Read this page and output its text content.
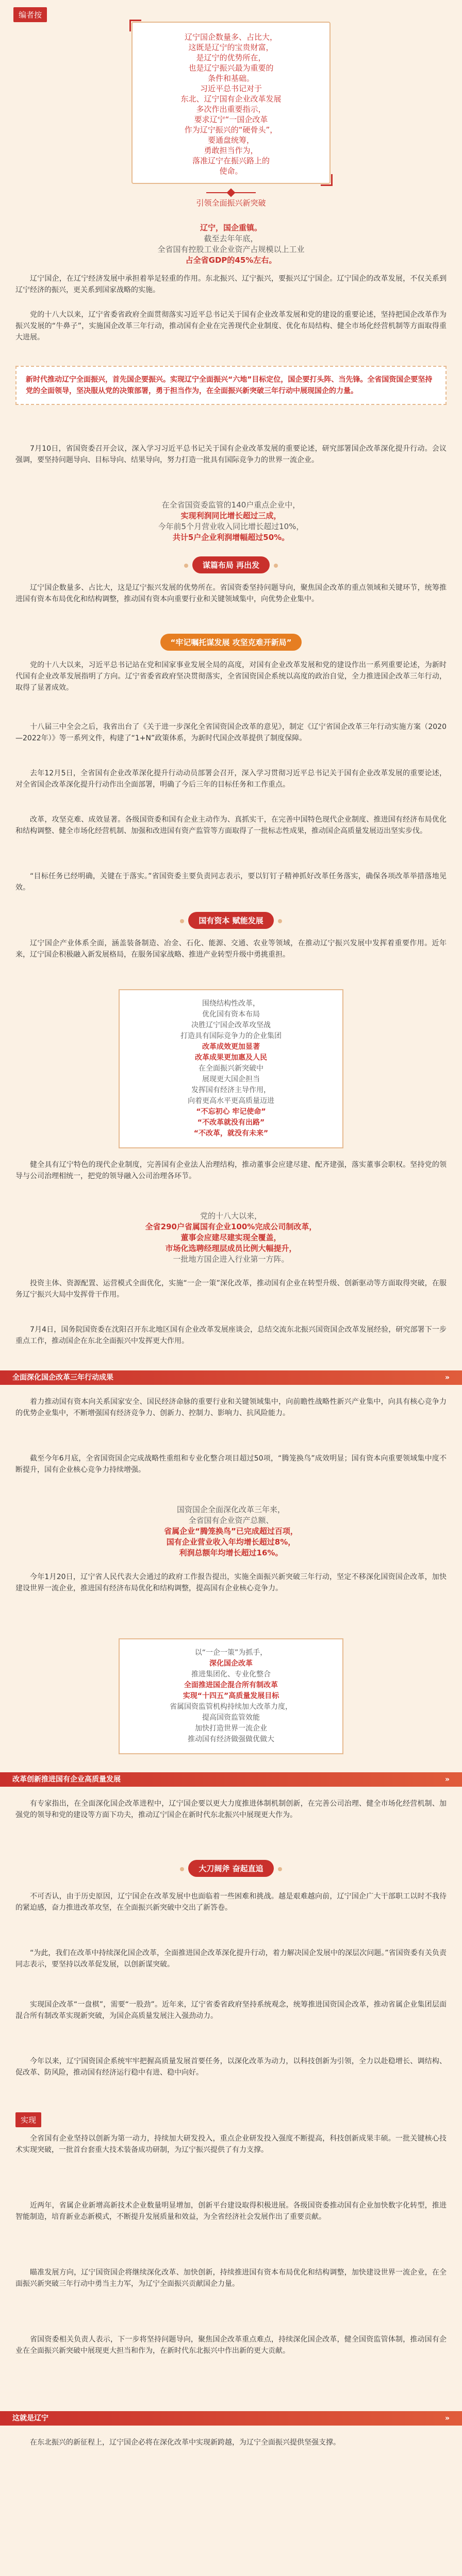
编者按

辽宁国企数量多、占比大，

这既是辽宁的宝贵财富，

是辽宁的优势所在，

也是辽宁振兴最为重要的

条件和基础。

习近平总书记对于

东北、辽宁国有企业改革发展

多次作出重要指示，

要求辽宁“一国企改革

作为辽宁振兴的“硬骨头”，

要通盘统筹，

勇敢担当作为，

落准辽宁在振兴路上的

使命。

引领全面振兴新突破

辽宁，国企重镇。

截至去年年底，

全省国有控股工业企业资产占规模以上工业

占全省GDP的45%左右。

辽宁国企，在辽宁经济发展中承担着举足轻重的作用。东北振兴、辽宁振兴，要振兴辽宁国企。辽宁国企的改革发展，不仅关系到辽宁经济的振兴，更关系到国家战略的实施。

党的十八大以来，辽宁省委省政府全面贯彻落实习近平总书记关于国有企业改革发展和党的建设的重要论述，坚持把国企改革作为振兴发展的“牛鼻子”，实施国企改革三年行动，推动国有企业在完善现代企业制度、优化布局结构、健全市场化经营机制等方面取得重大进展。

新时代推动辽宁全面振兴，首先国企要振兴。实现辽宁全面振兴“六地”目标定位，国企要打头阵、当先锋。全省国资国企要坚持党的全面领导，坚决服从党的决策部署，勇于担当作为，在全面振兴新突破三年行动中展现国企的力量。

7月10日，省国资委召开会议，深入学习习近平总书记关于国有企业改革发展的重要论述，研究部署国企改革深化提升行动。会议强调，要坚持问题导向、目标导向、结果导向，努力打造一批具有国际竞争力的世界一流企业。

在全省国资委监管的140户重点企业中，

实现利润同比增长超过三成，

今年前5个月营业收入同比增长超过10%，

共计5户企业利润增幅超过50%。

谋篇布局 再出发

辽宁国企数量多、占比大，这是辽宁振兴发展的优势所在。省国资委坚持问题导向，聚焦国企改革的重点领域和关键环节，统筹推进国有资本布局优化和结构调整，推动国有资本向重要行业和关键领域集中，向优势企业集中。

“牢记嘱托谋发展 攻坚克难开新局”

党的十八大以来，习近平总书记站在党和国家事业发展全局的高度，对国有企业改革发展和党的建设作出一系列重要论述，为新时代国有企业改革发展指明了方向。辽宁省委省政府坚决贯彻落实，全省国资国企系统以高度的政治自觉，全力推进国企改革三年行动，取得了显著成效。

十八届三中全会之后，我省出台了《关于进一步深化全省国资国企改革的意见》，制定《辽宁省国企改革三年行动实施方案（2020—2022年）》等一系列文件，构建了“1+N”政策体系，为新时代国企改革提供了制度保障。

去年12月5日，全省国有企业改革深化提升行动动员部署会召开，深入学习贯彻习近平总书记关于国有企业改革发展的重要论述，对全省国企改革深化提升行动作出全面部署，明确了今后三年的目标任务和工作重点。

改革，攻坚克难、成效显著。各级国资委和国有企业主动作为、真抓实干，在完善中国特色现代企业制度、推进国有经济布局优化和结构调整、健全市场化经营机制、加强和改进国有资产监管等方面取得了一批标志性成果，推动国企高质量发展迈出坚实步伐。

“目标任务已经明确，关键在于落实。”省国资委主要负责同志表示，要以钉钉子精神抓好改革任务落实，确保各项改革举措落地见效。

国有资本 赋能发展

辽宁国企产业体系全面，涵盖装备制造、冶金、石化、能源、交通、农业等领域，在推动辽宁振兴发展中发挥着重要作用。近年来，辽宁国企积极融入新发展格局，在服务国家战略、推进产业转型升级中勇挑重担。

围绕结构性改革，

优化国有资本布局

决胜辽宁国企改革攻坚战

打造具有国际竞争力的企业集团

改革成效更加显著

改革成果更加惠及人民

在全面振兴新突破中

展现更大国企担当

发挥国有经济主导作用，

向着更高水平更高质量迈进

“不忘初心 牢记使命”

“不改革就没有出路”

“不改革，就没有未来”

健全具有辽宁特色的现代企业制度，完善国有企业法人治理结构，推动董事会应建尽建、配齐建强，落实董事会职权。坚持党的领导与公司治理相统一，把党的领导融入公司治理各环节。

党的十八大以来，

全省290户省属国有企业100%完成公司制改革，

董事会应建尽建实现全覆盖，

市场化选聘经理层成员比例大幅提升，

一批地方国企进入行业第一方阵。

投资主体、资源配置、运营模式全面优化，实施“一企一策”深化改革，推动国有企业在转型升级、创新驱动等方面取得突破，在服务辽宁振兴大局中发挥骨干作用。

7月4日，国务院国资委在沈阳召开东北地区国有企业改革发展座谈会，总结交流东北振兴国资国企改革发展经验，研究部署下一步重点工作，推动国企在东北全面振兴中发挥更大作用。

全面深化国企改革三年行动成果	»

着力推动国有资本向关系国家安全、国民经济命脉的重要行业和关键领域集中，向前瞻性战略性新兴产业集中，向具有核心竞争力的优势企业集中，不断增强国有经济竞争力、创新力、控制力、影响力、抗风险能力。

截至今年6月底，全省国资国企完成战略性重组和专业化整合项目超过50项，“腾笼换鸟”成效明显；国有资本向重要领域集中度不断提升，国有企业核心竞争力持续增强。

国资国企全面深化改革三年来，

全省国有企业资产总额、

省属企业“腾笼换鸟”已完成超过百项，

国有企业营业收入年均增长超过8%，

利润总额年均增长超过16%。

今年1月20日，辽宁省人民代表大会通过的政府工作报告提出，实施全面振兴新突破三年行动，坚定不移深化国资国企改革，加快建设世界一流企业，推进国有经济布局优化和结构调整，提高国有企业核心竞争力。

以“一企一策”为抓手，

深化国企改革

推进集团化、专业化整合

全面推进国企混合所有制改革

实现“十四五”高质量发展目标

省属国资监管机构持续加大改革力度，

提高国资监管效能

加快打造世界一流企业

推动国有经济做强做优做大

改革创新推进国有企业高质量发展	»

有专家指出，在全面深化国企改革进程中，辽宁国企要以更大力度推进体制机制创新，在完善公司治理、健全市场化经营机制、加强党的领导和党的建设等方面下功夫，推动辽宁国企在新时代东北振兴中展现更大作为。

大刀阔斧 奋起直追

不可否认，由于历史原因，辽宁国企在改革发展中也面临着一些困难和挑战。越是艰难越向前，辽宁国企广大干部职工以时不我待的紧迫感，奋力推进改革攻坚，在全面振兴新突破中交出了新答卷。

“为此，我们在改革中持续深化国企改革，全面推进国企改革深化提升行动，着力解决国企发展中的深层次问题。”省国资委有关负责同志表示，要坚持以改革促发展，以创新谋突破。

实现国企改革“一盘棋”，需要“一股劲”。近年来，辽宁省委省政府坚持系统观念，统筹推进国资国企改革，推动省属企业集团层面混合所有制改革实现新突破，为国企高质量发展注入强劲动力。

今年以来，辽宁国资国企系统牢牢把握高质量发展首要任务，以深化改革为动力，以科技创新为引领，全力以赴稳增长、调结构、促改革、防风险，推动国有经济运行稳中有进、稳中向好。

实现

全省国有企业坚持以创新为第一动力，持续加大研发投入，重点企业研发投入强度不断提高，科技创新成果丰硕。一批关键核心技术实现突破，一批首台套重大技术装备成功研制，为辽宁振兴提供了有力支撑。

近两年，省属企业新增高新技术企业数量明显增加，创新平台建设取得积极进展。各级国资委推动国有企业加快数字化转型，推进智能制造，培育新业态新模式，不断提升发展质量和效益，为全省经济社会发展作出了重要贡献。

瞄准发展方向，辽宁国资国企将继续深化改革、加快创新，持续推进国有资本布局优化和结构调整，加快建设世界一流企业，在全面振兴新突破三年行动中勇当主力军，为辽宁全面振兴贡献国企力量。

省国资委相关负责人表示，下一步将坚持问题导向，聚焦国企改革重点难点，持续深化国企改革，健全国资监管体制，推动国有企业在全面振兴新突破中展现更大担当和作为，在新时代东北振兴中作出新的更大贡献。

这就是辽宁	»

在东北振兴的新征程上，辽宁国企必将在深化改革中实现新跨越，为辽宁全面振兴提供坚强支撑。
